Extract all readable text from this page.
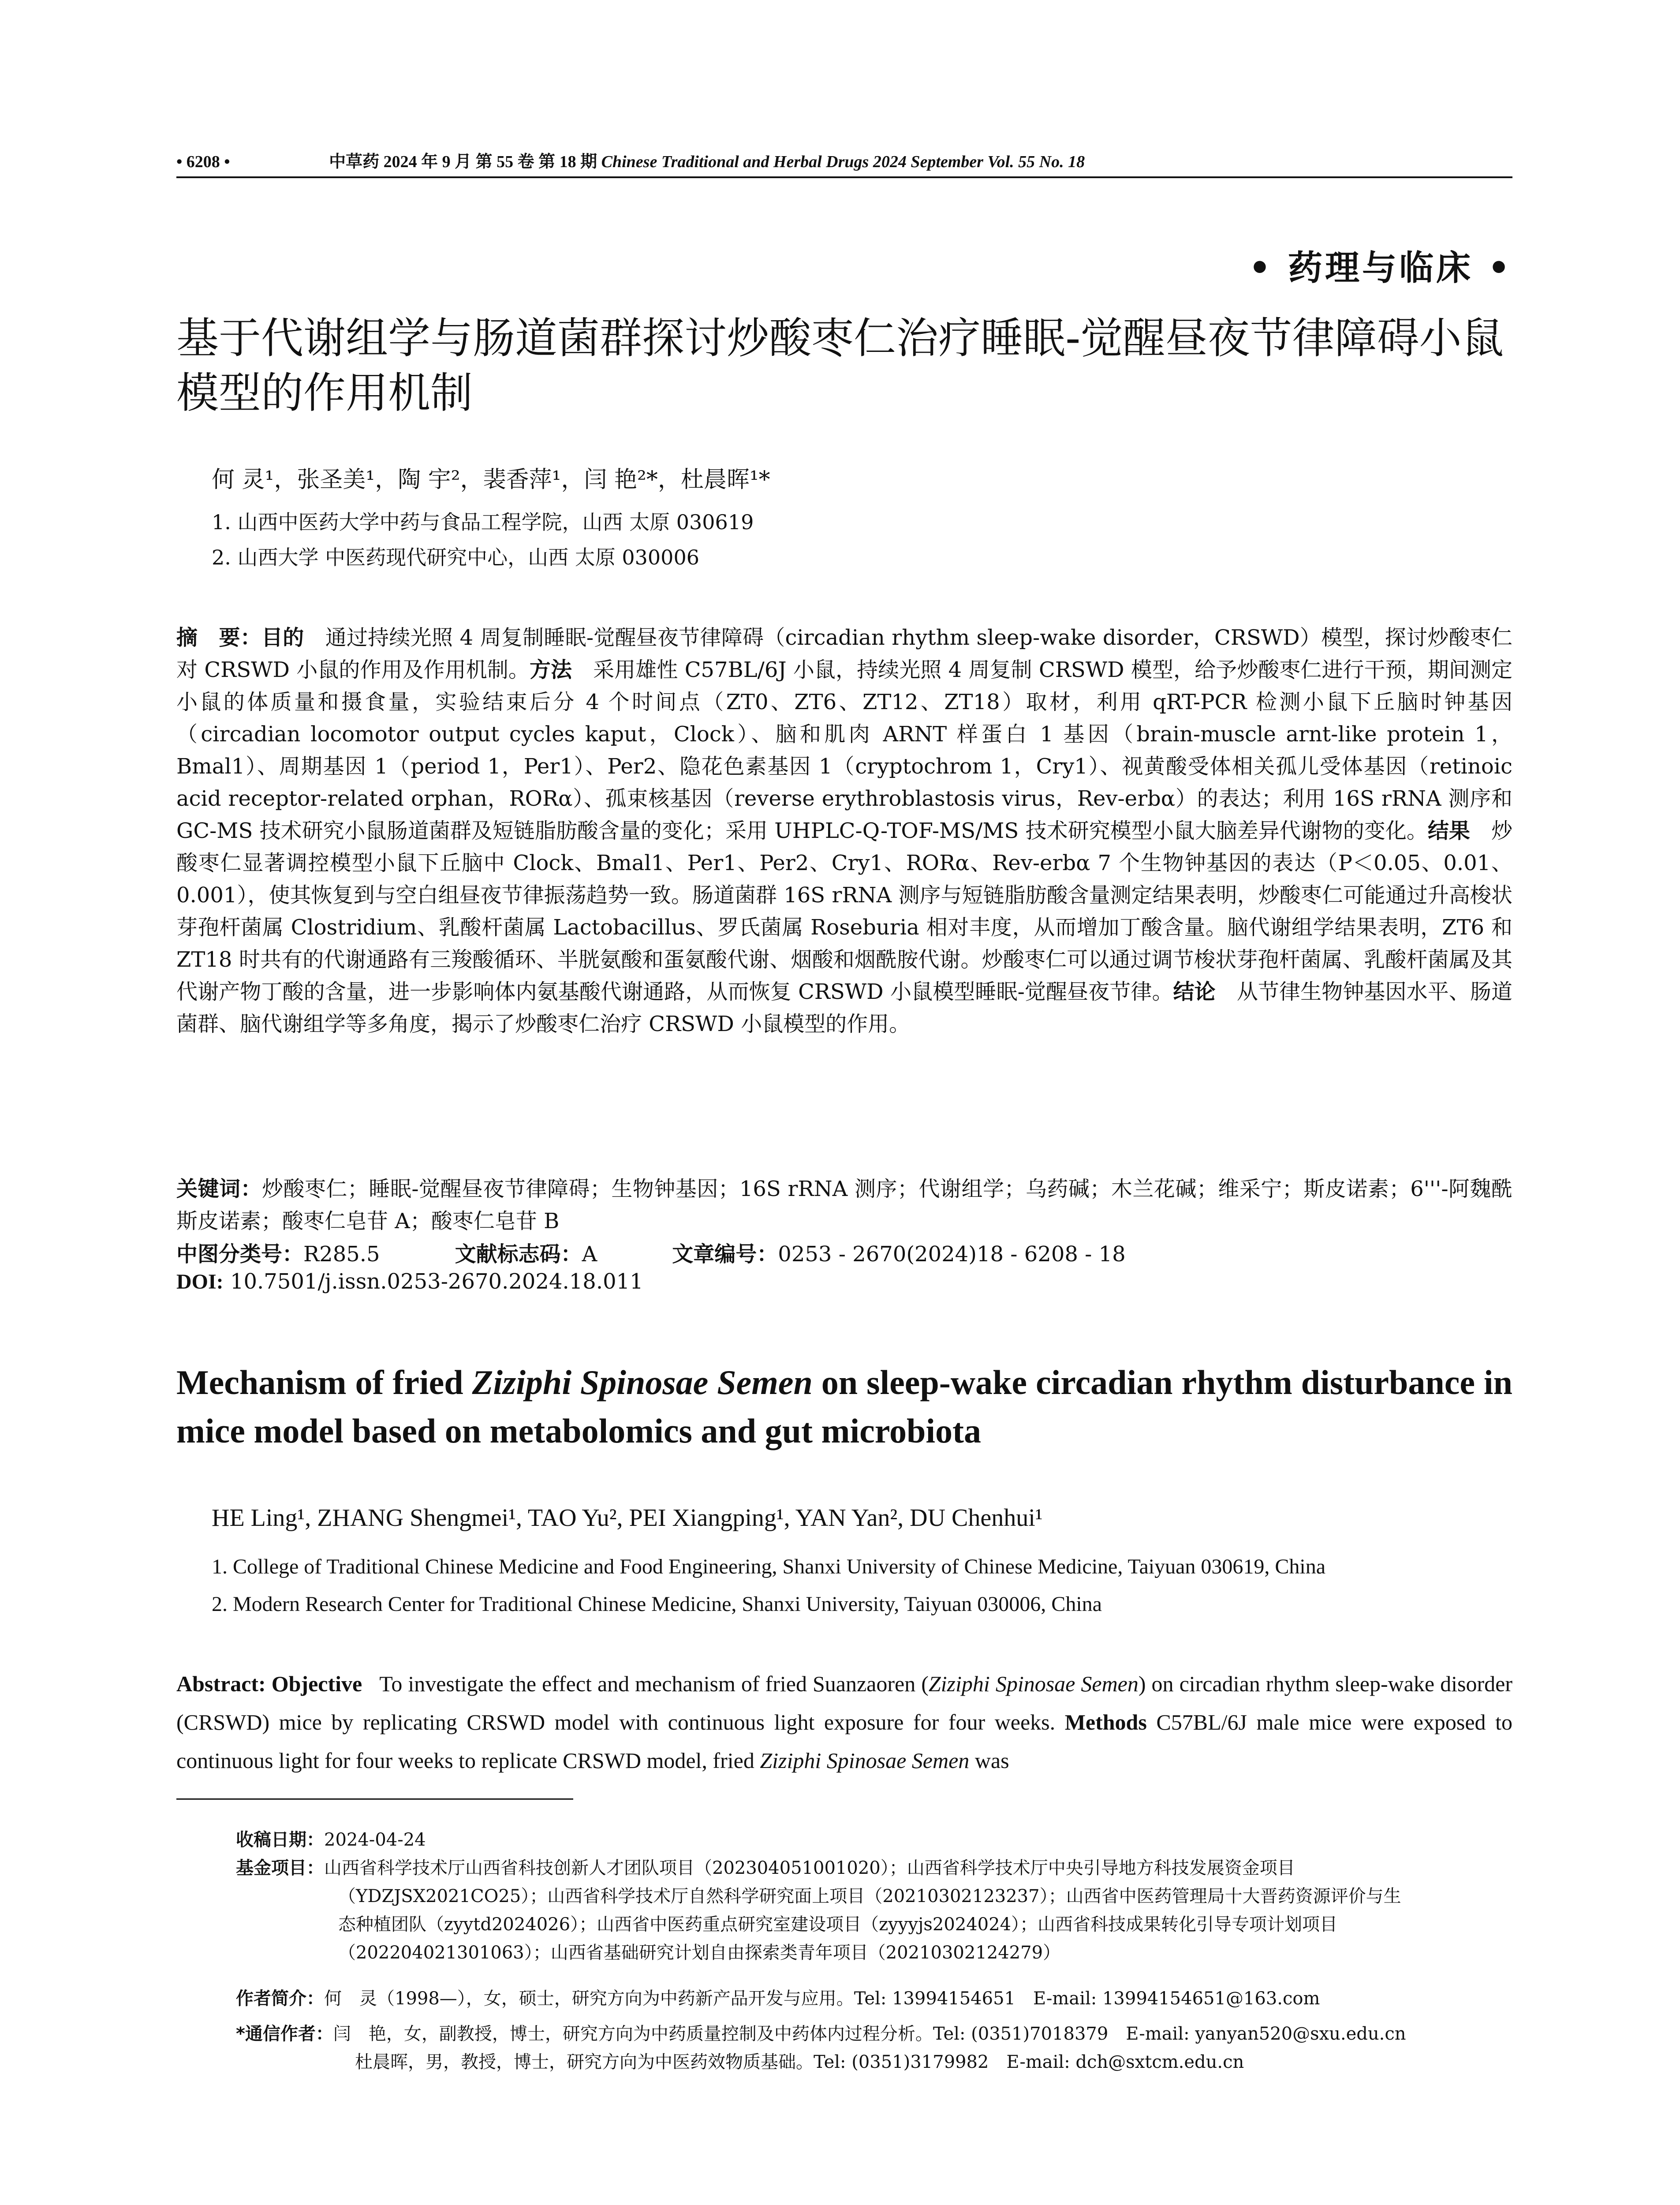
• 6208 •	中草药 2024 年 9 月 第 55 卷 第 18 期 Chinese Traditional and Herbal Drugs 2024 September Vol. 55 No. 18
• 药理与临床 •
基于代谢组学与肠道菌群探讨炒酸枣仁治疗睡眠-觉醒昼夜节律障碍小鼠模型的作用机制
何 灵¹，张圣美¹，陶 宇²，裴香萍¹，闫 艳²*，杜晨晖¹*
1. 山西中医药大学中药与食品工程学院，山西 太原 030619
2. 山西大学 中医药现代研究中心，山西 太原 030006
摘　要：目的　 通过持续光照 4 周复制睡眠-觉醒昼夜节律障碍（circadian rhythm sleep-wake disorder，CRSWD）模型，探讨炒酸枣仁对 CRSWD 小鼠的作用及作用机制。方法　 采用雄性 C57BL/6J 小鼠，持续光照 4 周复制 CRSWD 模型，给予炒酸枣仁进行干预，期间测定小鼠的体质量和摄食量，实验结束后分 4 个时间点（ZT0、ZT6、ZT12、ZT18）取材，利用 qRT-PCR 检测小鼠下丘脑时钟基因（circadian locomotor output cycles kaput，Clock）、脑和肌肉 ARNT 样蛋白 1 基因（brain-muscle arnt-like protein 1，Bmal1）、周期基因 1（period 1，Per1）、Per2、隐花色素基因 1（cryptochrom 1，Cry1）、视黄酸受体相关孤儿受体基因（retinoic acid receptor-related orphan，RORα）、孤束核基因（reverse erythroblastosis virus，Rev-erbα）的表达；利用 16S rRNA 测序和 GC-MS 技术研究小鼠肠道菌群及短链脂肪酸含量的变化；采用 UHPLC-Q-TOF-MS/MS 技术研究模型小鼠大脑差异代谢物的变化。结果　 炒酸枣仁显著调控模型小鼠下丘脑中 Clock、Bmal1、Per1、Per2、Cry1、RORα、Rev-erbα 7 个生物钟基因的表达（P＜0.05、0.01、0.001），使其恢复到与空白组昼夜节律振荡趋势一致。肠道菌群 16S rRNA 测序与短链脂肪酸含量测定结果表明，炒酸枣仁可能通过升高梭状芽孢杆菌属 Clostridium、乳酸杆菌属 Lactobacillus、罗氏菌属 Roseburia 相对丰度，从而增加丁酸含量。脑代谢组学结果表明，ZT6 和 ZT18 时共有的代谢通路有三羧酸循环、半胱氨酸和蛋氨酸代谢、烟酸和烟酰胺代谢。炒酸枣仁可以通过调节梭状芽孢杆菌属、乳酸杆菌属及其代谢产物丁酸的含量，进一步影响体内氨基酸代谢通路，从而恢复 CRSWD 小鼠模型睡眠-觉醒昼夜节律。结论　 从节律生物钟基因水平、肠道菌群、脑代谢组学等多角度，揭示了炒酸枣仁治疗 CRSWD 小鼠模型的作用。
关键词：炒酸枣仁；睡眠-觉醒昼夜节律障碍；生物钟基因；16S rRNA 测序；代谢组学；乌药碱；木兰花碱；维采宁；斯皮诺素；6'''-阿魏酰斯皮诺素；酸枣仁皂苷 A；酸枣仁皂苷 B
中图分类号：R285.5	文献标志码：A	文章编号：0253 - 2670(2024)18 - 6208 - 18
DOI: 10.7501/j.issn.0253-2670.2024.18.011
Mechanism of fried Ziziphi Spinosae Semen on sleep-wake circadian rhythm disturbance in mice model based on metabolomics and gut microbiota
HE Ling¹, ZHANG Shengmei¹, TAO Yu², PEI Xiangping¹, YAN Yan², DU Chenhui¹
1. College of Traditional Chinese Medicine and Food Engineering, Shanxi University of Chinese Medicine, Taiyuan 030619, China
2. Modern Research Center for Traditional Chinese Medicine, Shanxi University, Taiyuan 030006, China
Abstract: Objective To investigate the effect and mechanism of fried Suanzaoren (Ziziphi Spinosae Semen) on circadian rhythm sleep-wake disorder (CRSWD) mice by replicating CRSWD model with continuous light exposure for four weeks. Methods C57BL/6J male mice were exposed to continuous light for four weeks to replicate CRSWD model, fried Ziziphi Spinosae Semen was
收稿日期：2024-04-24
基金项目：山西省科学技术厅山西省科技创新人才团队项目（202304051001020）；山西省科学技术厅中央引导地方科技发展资金项目
（YDZJSX2021CO25）；山西省科学技术厅自然科学研究面上项目（20210302123237）；山西省中医药管理局十大晋药资源评价与生
态种植团队（zyytd2024026）；山西省中医药重点研究室建设项目（zyyyjs2024024）；山西省科技成果转化引导专项计划项目
（202204021301063）；山西省基础研究计划自由探索类青年项目（20210302124279）
作者简介：何　灵（1998—），女，硕士，研究方向为中药新产品开发与应用。Tel: 13994154651　E-mail: 13994154651@163.com
*通信作者：闫　艳，女，副教授，博士，研究方向为中药质量控制及中药体内过程分析。Tel: (0351)7018379　E-mail: yanyan520@sxu.edu.cn
杜晨晖，男，教授，博士，研究方向为中医药效物质基础。Tel: (0351)3179982　E-mail: dch@sxtcm.edu.cn
